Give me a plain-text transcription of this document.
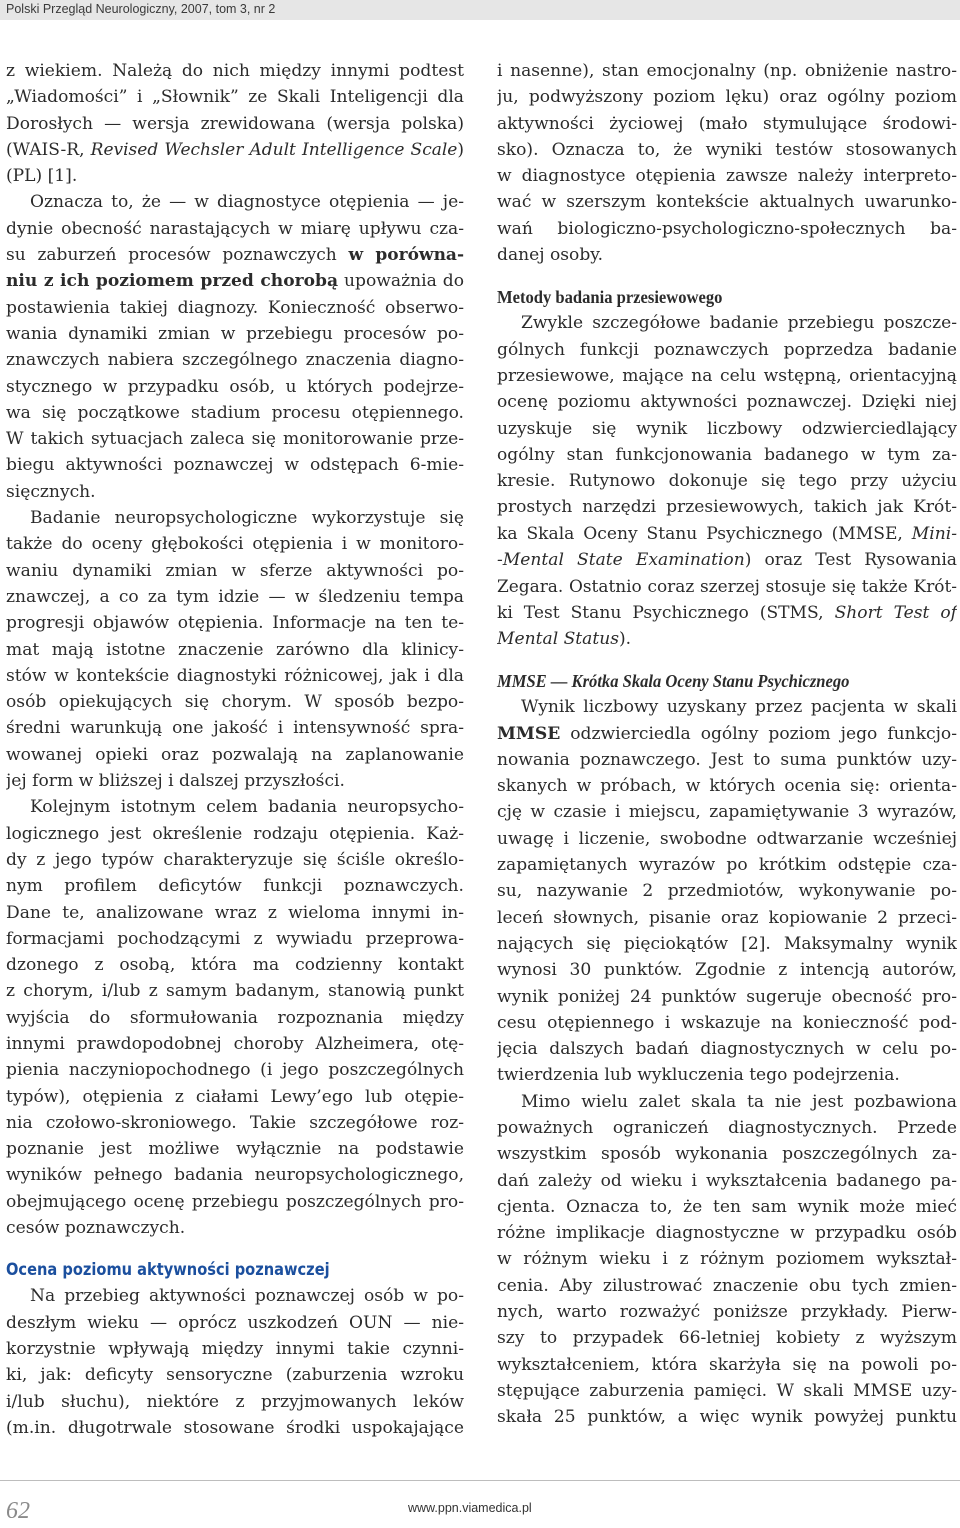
Polski Przegląd Neurologiczny, 2007, tom 3, nr 2
z wiekiem. Należą do nich między innymi podtest
„Wiadomości” i „Słownik” ze Skali Inteligencji dla
Dorosłych — wersja zrewidowana (wersja polska)
(WAIS-R, Revised Wechsler Adult Intelligence Scale)
(PL) [1].
Oznacza to, że — w diagnostyce otępienia — je-
dynie obecność narastających w miarę upływu cza-
su zaburzeń procesów poznawczych w porówna-
niu z ich poziomem przed chorobą upoważnia do
postawienia takiej diagnozy. Konieczność obserwo-
wania dynamiki zmian w przebiegu procesów po-
znawczych nabiera szczególnego znaczenia diagno-
stycznego w przypadku osób, u których podejrze-
wa się początkowe stadium procesu otępiennego.
W takich sytuacjach zaleca się monitorowanie prze-
biegu aktywności poznawczej w odstępach 6-mie-
sięcznych.
Badanie neuropsychologiczne wykorzystuje się
także do oceny głębokości otępienia i w monitoro-
waniu dynamiki zmian w sferze aktywności po-
znawczej, a co za tym idzie — w śledzeniu tempa
progresji objawów otępienia. Informacje na ten te-
mat mają istotne znaczenie zarówno dla klinicy-
stów w kontekście diagnostyki różnicowej, jak i dla
osób opiekujących się chorym. W sposób bezpo-
średni warunkują one jakość i intensywność spra-
wowanej opieki oraz pozwalają na zaplanowanie
jej form w bliższej i dalszej przyszłości.
Kolejnym istotnym celem badania neuropsycho-
logicznego jest określenie rodzaju otępienia. Każ-
dy z jego typów charakteryzuje się ściśle określo-
nym profilem deficytów funkcji poznawczych.
Dane te, analizowane wraz z wieloma innymi in-
formacjami pochodzącymi z wywiadu przeprowa-
dzonego z osobą, która ma codzienny kontakt
z chorym, i/lub z samym badanym, stanowią punkt
wyjścia do sformułowania rozpoznania między
innymi prawdopodobnej choroby Alzheimera, otę-
pienia naczyniopochodnego (i jego poszczególnych
typów), otępienia z ciałami Lewy’ego lub otępie-
nia czołowo-skroniowego. Takie szczegółowe roz-
poznanie jest możliwe wyłącznie na podstawie
wyników pełnego badania neuropsychologicznego,
obejmującego ocenę przebiegu poszczególnych pro-
cesów poznawczych.
Ocena poziomu aktywności poznawczej
Na przebieg aktywności poznawczej osób w po-
deszłym wieku — oprócz uszkodzeń OUN — nie-
korzystnie wpływają między innymi takie czynni-
ki, jak: deficyty sensoryczne (zaburzenia wzroku
i/lub słuchu), niektóre z przyjmowanych leków
(m.in. długotrwale stosowane środki uspokajające
i nasenne), stan emocjonalny (np. obniżenie nastro-
ju, podwyższony poziom lęku) oraz ogólny poziom
aktywności życiowej (mało stymulujące środowi-
sko). Oznacza to, że wyniki testów stosowanych
w diagnostyce otępienia zawsze należy interpreto-
wać w szerszym kontekście aktualnych uwarunko-
wań biologiczno-psychologiczno-społecznych ba-
danej osoby.
Metody badania przesiewowego
Zwykle szczegółowe badanie przebiegu poszcze-
gólnych funkcji poznawczych poprzedza badanie
przesiewowe, mające na celu wstępną, orientacyjną
ocenę poziomu aktywności poznawczej. Dzięki niej
uzyskuje się wynik liczbowy odzwierciedlający
ogólny stan funkcjonowania badanego w tym za-
kresie. Rutynowo dokonuje się tego przy użyciu
prostych narzędzi przesiewowych, takich jak Krót-
ka Skala Oceny Stanu Psychicznego (MMSE, Mini-
-Mental State Examination) oraz Test Rysowania
Zegara. Ostatnio coraz szerzej stosuje się także Krót-
ki Test Stanu Psychicznego (STMS, Short Test of
Mental Status).
MMSE — Krótka Skala Oceny Stanu Psychicznego
Wynik liczbowy uzyskany przez pacjenta w skali
MMSE odzwierciedla ogólny poziom jego funkcjo-
nowania poznawczego. Jest to suma punktów uzy-
skanych w próbach, w których ocenia się: orienta-
cję w czasie i miejscu, zapamiętywanie 3 wyrazów,
uwagę i liczenie, swobodne odtwarzanie wcześniej
zapamiętanych wyrazów po krótkim odstępie cza-
su, nazywanie 2 przedmiotów, wykonywanie po-
leceń słownych, pisanie oraz kopiowanie 2 przeci-
nających się pięciokątów [2]. Maksymalny wynik
wynosi 30 punktów. Zgodnie z intencją autorów,
wynik poniżej 24 punktów sugeruje obecność pro-
cesu otępiennego i wskazuje na konieczność pod-
jęcia dalszych badań diagnostycznych w celu po-
twierdzenia lub wykluczenia tego podejrzenia.
Mimo wielu zalet skala ta nie jest pozbawiona
poważnych ograniczeń diagnostycznych. Przede
wszystkim sposób wykonania poszczególnych za-
dań zależy od wieku i wykształcenia badanego pa-
cjenta. Oznacza to, że ten sam wynik może mieć
różne implikacje diagnostyczne w przypadku osób
w różnym wieku i z różnym poziomem wykształ-
cenia. Aby zilustrować znaczenie obu tych zmien-
nych, warto rozważyć poniższe przykłady. Pierw-
szy to przypadek 66-letniej kobiety z wyższym
wykształceniem, która skarżyła się na powoli po-
stępujące zaburzenia pamięci. W skali MMSE uzy-
skała 25 punktów, a więc wynik powyżej punktu
62	www.ppn.viamedica.pl
